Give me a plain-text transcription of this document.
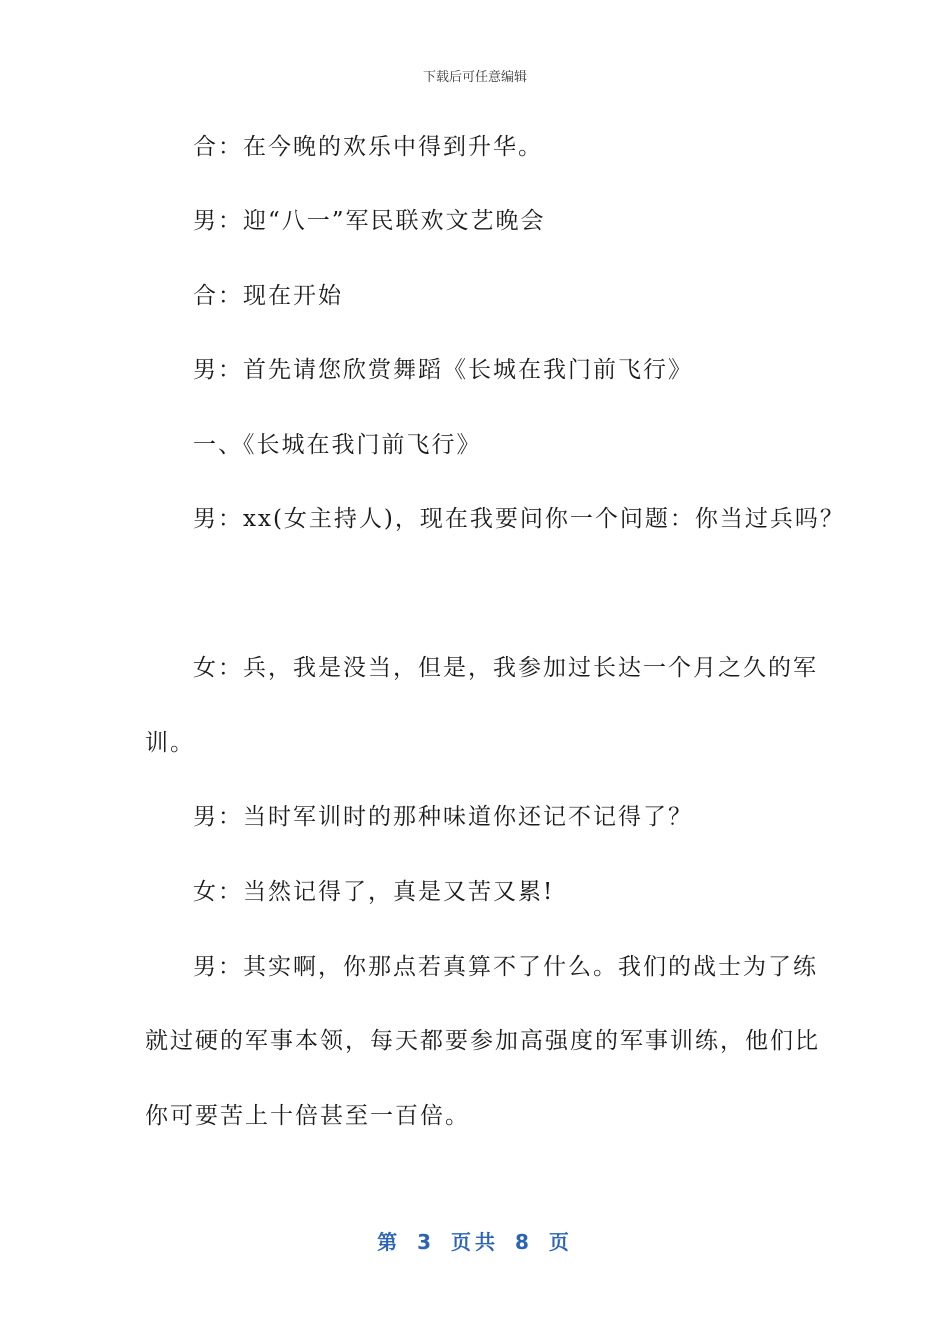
下载后可任意编辑
合：在今晚的欢乐中得到升华。
男：迎“八一”军民联欢文艺晚会
合：现在开始
男：首先请您欣赏舞蹈《长城在我门前飞行》
一、《长城在我门前飞行》
男：xx(女主持人)，现在我要问你一个问题：你当过兵吗？
女：兵，我是没当，但是，我参加过长达一个月之久的军
训。
男：当时军训时的那种味道你还记不记得了？
女：当然记得了，真是又苦又累!
男：其实啊，你那点若真算不了什么。我们的战士为了练
就过硬的军事本领，每天都要参加高强度的军事训练，他们比
你可要苦上十倍甚至一百倍。
第 3 页共 8 页
